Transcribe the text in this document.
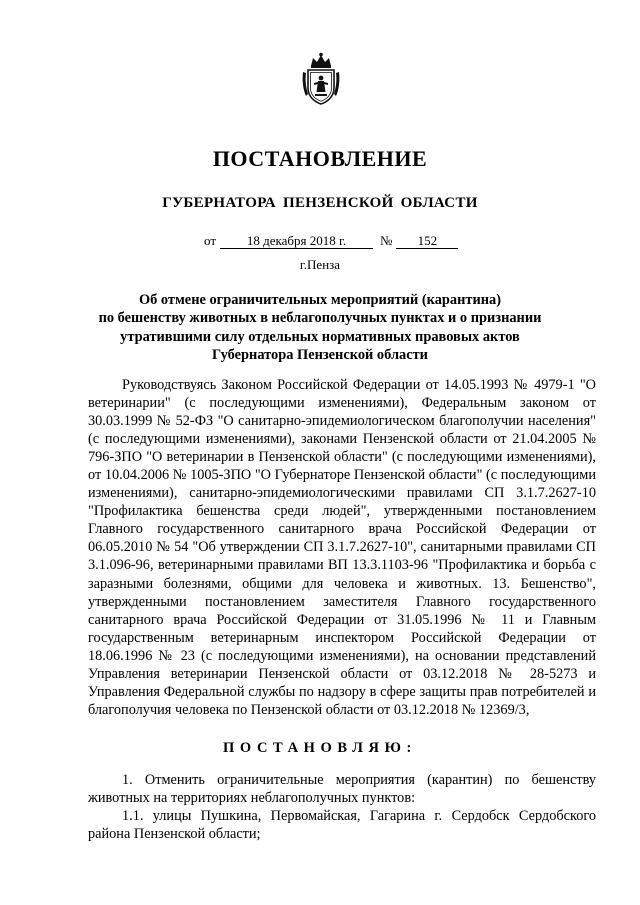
ПОСТАНОВЛЕНИЕ
ГУБЕРНАТОРА ПЕНЗЕНСКОЙ ОБЛАСТИ
от 18 декабря 2018 г.	№ 152
г.Пенза
Об отмене ограничительных мероприятий (карантина)
по бешенству животных в неблагополучных пунктах и о признании
утратившими силу отдельных нормативных правовых актов
Губернатора Пензенской области

Руководствуясь Законом Российской Федерации от 14.05.1993 № 4979-1 "О ветеринарии" (с последующими изменениями), Федеральным законом от 30.03.1999 № 52-ФЗ "О санитарно-эпидемиологическом благополучии населения" (с последующими изменениями), законами Пензенской области от 21.04.2005 № 796-ЗПО "О ветеринарии в Пензенской области" (с последующими изменениями), от 10.04.2006 № 1005-ЗПО "О Губернаторе Пензенской области" (с последующими изменениями), санитарно-эпидемиологическими правилами СП 3.1.7.2627-10 "Профилактика бешенства среди людей", утвержденными постановлением Главного государственного санитарного врача Российской Федерации от 06.05.2010 № 54 "Об утверждении СП 3.1.7.2627-10", санитарными правилами СП 3.1.096-96, ветеринарными правилами ВП 13.3.1103-96 "Профилактика и борьба с заразными болезнями, общими для человека и животных. 13. Бешенство", утвержденными постановлением заместителя Главного государственного санитарного врача Российской Федерации от 31.05.1996 № 11 и Главным государственным ветеринарным инспектором Российской Федерации от 18.06.1996 № 23 (с последующими изменениями), на основании представлений Управления ветеринарии Пензенской области от 03.12.2018 № 28-5273 и Управления Федеральной службы по надзору в сфере защиты прав потребителей и благополучия человека по Пензенской области от 03.12.2018 № 12369/3,

ПОСТАНОВЛЯЮ:

1. Отменить ограничительные мероприятия (карантин) по бешенству животных на территориях неблагополучных пунктов:

1.1. улицы Пушкина, Первомайская, Гагарина г. Сердобск Сердобского района Пензенской области;
